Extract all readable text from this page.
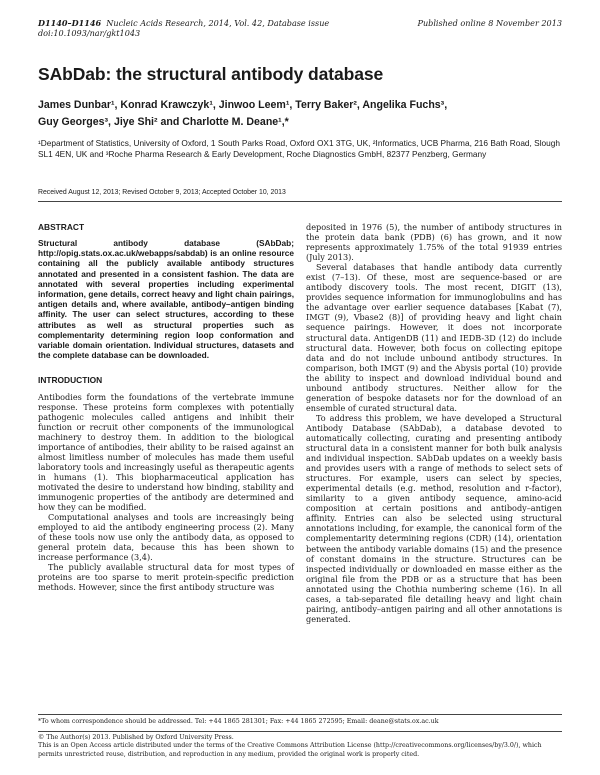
D1140–D1146 Nucleic Acids Research, 2014, Vol. 42, Database issue
doi:10.1093/nar/gkt1043
Published online 8 November 2013
SAbDab: the structural antibody database
James Dunbar¹, Konrad Krawczyk¹, Jinwoo Leem¹, Terry Baker², Angelika Fuchs³,
Guy Georges³, Jiye Shi² and Charlotte M. Deane¹,*
¹Department of Statistics, University of Oxford, 1 South Parks Road, Oxford OX1 3TG, UK, ²Informatics, UCB Pharma, 216 Bath Road, Slough SL1 4EN, UK and ³Roche Pharma Research & Early Development, Roche Diagnostics GmbH, 82377 Penzberg, Germany
Received August 12, 2013; Revised October 9, 2013; Accepted October 10, 2013
ABSTRACT

Structural antibody database (SAbDab; http://opig.stats.ox.ac.uk/webapps/sabdab) is an online resource containing all the publicly available antibody structures annotated and presented in a consistent fashion. The data are annotated with several properties including experimental information, gene details, correct heavy and light chain pairings, antigen details and, where available, antibody–antigen binding affinity. The user can select structures, according to these attributes as well as structural properties such as complementarity determining region loop conformation and variable domain orientation. Individual structures, datasets and the complete database can be downloaded.

INTRODUCTION

Antibodies form the foundations of the vertebrate immune response. These proteins form complexes with potentially pathogenic molecules called antigens and inhibit their function or recruit other components of the immunological machinery to destroy them. In addition to the biological importance of antibodies, their ability to be raised against an almost limitless number of molecules has made them useful laboratory tools and increasingly useful as therapeutic agents in humans (1). This biopharmaceutical application has motivated the desire to understand how binding, stability and immunogenic properties of the antibody are determined and how they can be modified.

Computational analyses and tools are increasingly being employed to aid the antibody engineering process (2). Many of these tools now use only the antibody data, as opposed to general protein data, because this has been shown to increase performance (3,4).

The publicly available structural data for most types of proteins are too sparse to merit protein-specific prediction methods. However, since the first antibody structure was

deposited in 1976 (5), the number of antibody structures in the protein data bank (PDB) (6) has grown, and it now represents approximately 1.75% of the total 91939 entries (July 2013).

Several databases that handle antibody data currently exist (7–13). Of these, most are sequence-based or are antibody discovery tools. The most recent, DIGIT (13), provides sequence information for immunoglobulins and has the advantage over earlier sequence databases [Kabat (7), IMGT (9), Vbase2 (8)] of providing heavy and light chain sequence pairings. However, it does not incorporate structural data. AntigenDB (11) and IEDB-3D (12) do include structural data. However, both focus on collecting epitope data and do not include unbound antibody structures. In comparison, both IMGT (9) and the Abysis portal (10) provide the ability to inspect and download individual bound and unbound antibody structures. Neither allow for the generation of bespoke datasets nor for the download of an ensemble of curated structural data.

To address this problem, we have developed a Structural Antibody Database (SAbDab), a database devoted to automatically collecting, curating and presenting antibody structural data in a consistent manner for both bulk analysis and individual inspection. SAbDab updates on a weekly basis and provides users with a range of methods to select sets of structures. For example, users can select by species, experimental details (e.g. method, resolution and r-factor), similarity to a given antibody sequence, amino-acid composition at certain positions and antibody–antigen affinity. Entries can also be selected using structural annotations including, for example, the canonical form of the complementarity determining regions (CDR) (14), orientation between the antibody variable domains (15) and the presence of constant domains in the structure. Structures can be inspected individually or downloaded en masse either as the original file from the PDB or as a structure that has been annotated using the Chothia numbering scheme (16). In all cases, a tab-separated file detailing heavy and light chain pairing, antibody–antigen pairing and all other annotations is generated.

*To whom correspondence should be addressed. Tel: +44 1865 281301; Fax: +44 1865 272595; Email: deane@stats.ox.ac.uk
© The Author(s) 2013. Published by Oxford University Press.
This is an Open Access article distributed under the terms of the Creative Commons Attribution License (http://creativecommons.org/licenses/by/3.0/), which permits unrestricted reuse, distribution, and reproduction in any medium, provided the original work is properly cited.
